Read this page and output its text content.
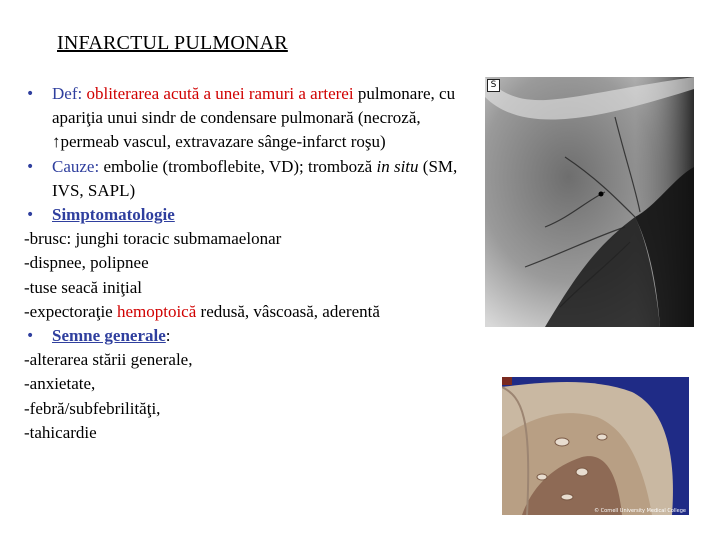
INFARCTUL PULMONAR
• Def: obliterarea acută a unei ramuri a arterei pulmonare, cu apariţia unui sindr de condensare pulmonară (necroză, ↑permeab vascul, extravazare sânge-infarct roşu)
• Cauze: embolie (tromboflebite, VD); tromboză in situ (SM, IVS, SAPL)
• Simptomatologie
-brusc: junghi toracic submamaelonar
-dispnee, polipnee
-tuse seacă iniţial
-expectoraţie hemoptoică redusă, vâscoasă, aderentă
• Semne generale:
-alterarea stării generale,
-anxietate,
-febră/subfebrilităţi,
-tahicardie
S
© Cornell University Medical College
